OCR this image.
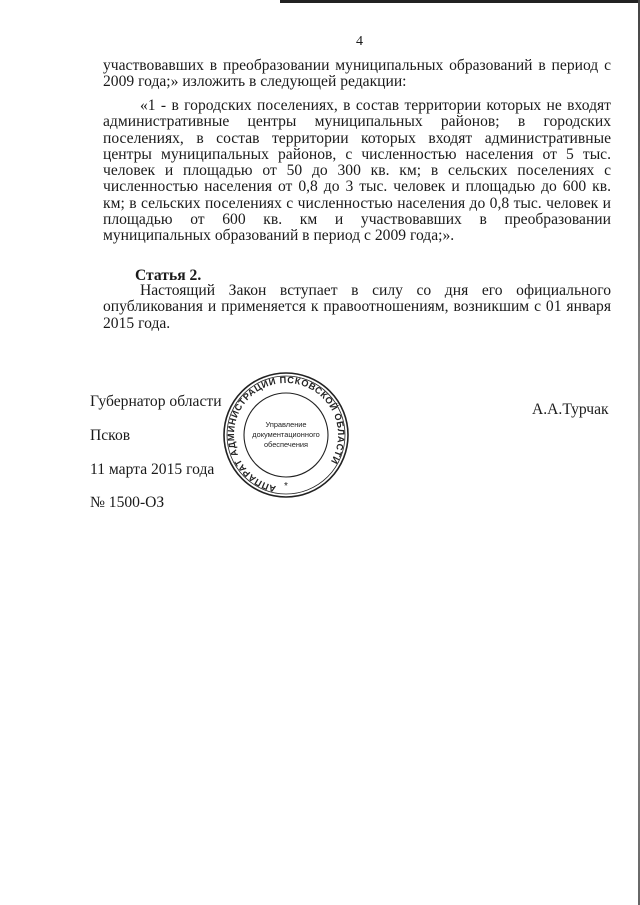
4
участвовавших в преобразовании муниципальных образований в период с 2009 года;» изложить в следующей редакции:
«1 - в городских поселениях, в состав территории которых не входят административные центры муниципальных районов; в городских поселениях, в состав территории которых входят административные центры муниципальных районов, с численностью населения от 5 тыс. человек и площадью от 50 до 300 кв. км; в сельских поселениях с численностью населения от 0,8 до 3 тыс. человек и площадью до 600 кв. км; в сельских поселениях с численностью населения до 0,8 тыс. человек и площадью от 600 кв. км и участвовавших в преобразовании муниципальных образований в период с 2009 года;».
Статья 2.
Настоящий Закон вступает в силу со дня его официального опубликования и применяется к правоотношениям, возникшим с 01 января 2015 года.
Губернатор области
Псков
11 марта 2015 года
№ 1500-ОЗ
А.А.Турчак
АППАРАТ АДМИНИСТРАЦИИ ПСКОВСКОЙ ОБЛАСТИ
Управление
документационного
обеспечения
*
